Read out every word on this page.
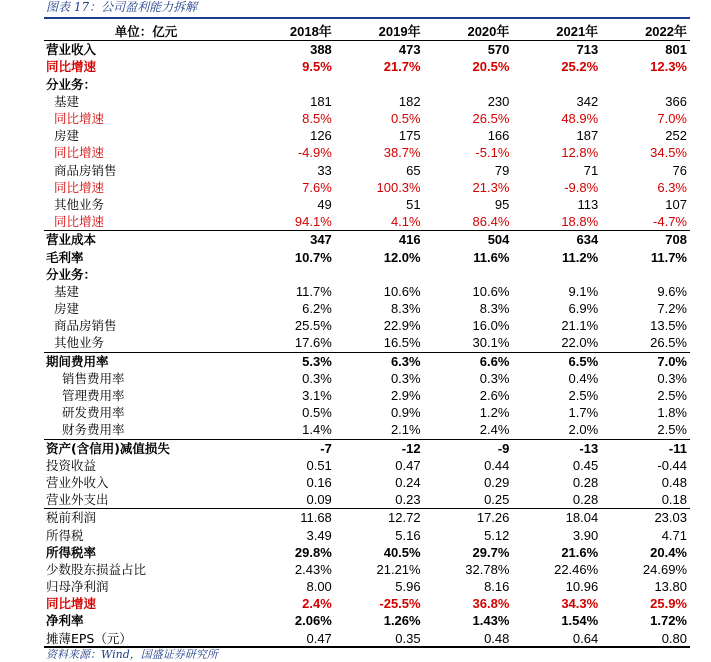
图表 17：公司盈利能力拆解
单位：亿元	2018年	2019年	2020年	2021年	2022年
营业收入	388	473	570	713	801
同比增速	9.5%	21.7%	20.5%	25.2%	12.3%
分业务：					
基建	181	182	230	342	366
同比增速	8.5%	0.5%	26.5%	48.9%	7.0%
房建	126	175	166	187	252
同比增速	-4.9%	38.7%	-5.1%	12.8%	34.5%
商品房销售	33	65	79	71	76
同比增速	7.6%	100.3%	21.3%	-9.8%	6.3%
其他业务	49	51	95	113	107
同比增速	94.1%	4.1%	86.4%	18.8%	-4.7%
营业成本	347	416	504	634	708
毛利率	10.7%	12.0%	11.6%	11.2%	11.7%
分业务：					
基建	11.7%	10.6%	10.6%	9.1%	9.6%
房建	6.2%	8.3%	8.3%	6.9%	7.2%
商品房销售	25.5%	22.9%	16.0%	21.1%	13.5%
其他业务	17.6%	16.5%	30.1%	22.0%	26.5%
期间费用率	5.3%	6.3%	6.6%	6.5%	7.0%
销售费用率	0.3%	0.3%	0.3%	0.4%	0.3%
管理费用率	3.1%	2.9%	2.6%	2.5%	2.5%
研发费用率	0.5%	0.9%	1.2%	1.7%	1.8%
财务费用率	1.4%	2.1%	2.4%	2.0%	2.5%
资产(含信用)减值损失	-7	-12	-9	-13	-11
投资收益	0.51	0.47	0.44	0.45	-0.44
营业外收入	0.16	0.24	0.29	0.28	0.48
营业外支出	0.09	0.23	0.25	0.28	0.18
税前利润	11.68	12.72	17.26	18.04	23.03
所得税	3.49	5.16	5.12	3.90	4.71
所得税率	29.8%	40.5%	29.7%	21.6%	20.4%
少数股东损益占比	2.43%	21.21%	32.78%	22.46%	24.69%
归母净利润	8.00	5.96	8.16	10.96	13.80
同比增速	2.4%	-25.5%	36.8%	34.3%	25.9%
净利率	2.06%	1.26%	1.43%	1.54%	1.72%
摊薄EPS（元）	0.47	0.35	0.48	0.64	0.80
资料来源：Wind，国盛证券研究所
